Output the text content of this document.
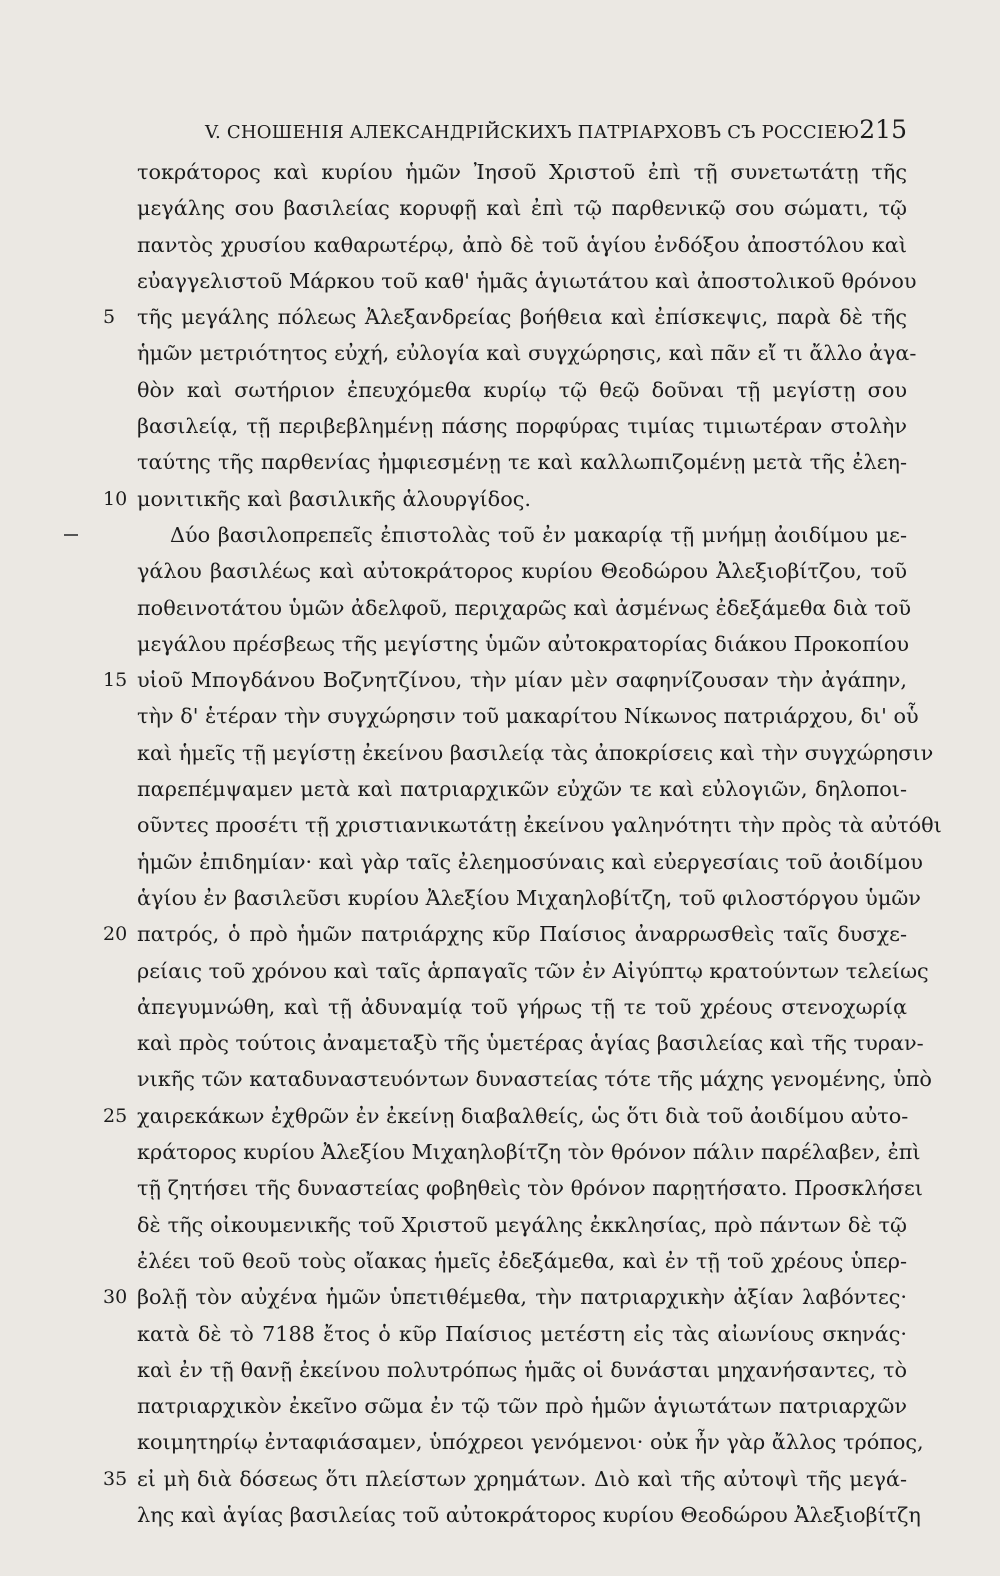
V. СНОШЕНІЯ АЛЕКСАНДРІЙСКИХЪ ПАТРІАРХОВЪ СЪ РОССІЕЮ.
215
τοκράτορος καὶ κυρίου ἡμῶν Ἰησοῦ Χριστοῦ ἐπὶ τῇ συνετωτάτῃ τῆς
μεγάλης σου βασιλείας κορυφῇ καὶ ἐπὶ τῷ παρθενικῷ σου σώματι, τῷ
παντὸς χρυσίου καθαρωτέρῳ, ἀπὸ δὲ τοῦ ἁγίου ἐνδόξου ἀποστόλου καὶ
εὐαγγελιστοῦ Μάρκου τοῦ καθ' ἡμᾶς ἁγιωτάτου καὶ ἀποστολικοῦ θρόνου
5 τῆς μεγάλης πόλεως Ἀλεξανδρείας βοήθεια καὶ ἐπίσκεψις, παρὰ δὲ τῆς
ἡμῶν μετριότητος εὐχή, εὐλογία καὶ συγχώρησις, καὶ πᾶν εἴ τι ἄλλο ἀγα-
θὸν καὶ σωτήριον ἐπευχόμεθα κυρίῳ τῷ θεῷ δοῦναι τῇ μεγίστῃ σου
βασιλείᾳ, τῇ περιβεβλημένῃ πάσης πορφύρας τιμίας τιμιωτέραν στολὴν
ταύτης τῆς παρθενίας ἠμφιεσμένῃ τε καὶ καλλωπιζομένῃ μετὰ τῆς ἐλεη-
10 μονιτικῆς καὶ βασιλικῆς ἁλουργίδος.
Δύο βασιλοπρεπεῖς ἐπιστολὰς τοῦ ἐν μακαρίᾳ τῇ μνήμῃ ἀοιδίμου με-
γάλου βασιλέως καὶ αὐτοκράτορος κυρίου Θεοδώρου Ἀλεξιοβίτζου, τοῦ
ποθεινοτάτου ὑμῶν ἀδελφοῦ, περιχαρῶς καὶ ἀσμένως ἐδεξάμεθα διὰ τοῦ
μεγάλου πρέσβεως τῆς μεγίστης ὑμῶν αὐτοκρατορίας διάκου Προκοπίου
15 υἱοῦ Μπογδάνου Βοζνητζίνου, τὴν μίαν μὲν σαφηνίζουσαν τὴν ἀγάπην,
τὴν δ' ἑτέραν τὴν συγχώρησιν τοῦ μακαρίτου Νίκωνος πατριάρχου, δι' οὗ
καὶ ἡμεῖς τῇ μεγίστῃ ἐκείνου βασιλείᾳ τὰς ἀποκρίσεις καὶ τὴν συγχώρησιν
παρεπέμψαμεν μετὰ καὶ πατριαρχικῶν εὐχῶν τε καὶ εὐλογιῶν, δηλοποι-
οῦντες προσέτι τῇ χριστιανικωτάτῃ ἐκείνου γαληνότητι τὴν πρὸς τὰ αὐτόθι
ἡμῶν ἐπιδημίαν· καὶ γὰρ ταῖς ἐλεημοσύναις καὶ εὐεργεσίαις τοῦ ἀοιδίμου
ἁγίου ἐν βασιλεῦσι κυρίου Ἀλεξίου Μιχαηλοβίτζη, τοῦ φιλοστόργου ὑμῶν
20 πατρός, ὁ πρὸ ἡμῶν πατριάρχης κῦρ Παίσιος ἀναρρωσθεὶς ταῖς δυσχε-
ρείαις τοῦ χρόνου καὶ ταῖς ἁρπαγαῖς τῶν ἐν Αἰγύπτῳ κρατούντων τελείως
ἀπεγυμνώθη, καὶ τῇ ἀδυναμίᾳ τοῦ γήρως τῇ τε τοῦ χρέους στενοχωρίᾳ
καὶ πρὸς τούτοις ἀναμεταξὺ τῆς ὑμετέρας ἁγίας βασιλείας καὶ τῆς τυραν-
νικῆς τῶν καταδυναστευόντων δυναστείας τότε τῆς μάχης γενομένης, ὑπὸ
25 χαιρεκάκων ἐχθρῶν ἐν ἐκείνῃ διαβαλθείς, ὡς ὅτι διὰ τοῦ ἀοιδίμου αὐτο-
κράτορος κυρίου Ἀλεξίου Μιχαηλοβίτζη τὸν θρόνον πάλιν παρέλαβεν, ἐπὶ
τῇ ζητήσει τῆς δυναστείας φοβηθεὶς τὸν θρόνον παρῃτήσατο. Προσκλήσει
δὲ τῆς οἰκουμενικῆς τοῦ Χριστοῦ μεγάλης ἐκκλησίας, πρὸ πάντων δὲ τῷ
ἐλέει τοῦ θεοῦ τοὺς οἴακας ἡμεῖς ἐδεξάμεθα, καὶ ἐν τῇ τοῦ χρέους ὑπερ-
30 βολῇ τὸν αὐχένα ἡμῶν ὑπετιθέμεθα, τὴν πατριαρχικὴν ἀξίαν λαβόντες·
κατὰ δὲ τὸ 7188 ἔτος ὁ κῦρ Παίσιος μετέστη εἰς τὰς αἰωνίους σκηνάς·
καὶ ἐν τῇ θανῇ ἐκείνου πολυτρόπως ἡμᾶς οἱ δυνάσται μηχανήσαντες, τὸ
πατριαρχικὸν ἐκεῖνο σῶμα ἐν τῷ τῶν πρὸ ἡμῶν ἁγιωτάτων πατριαρχῶν
κοιμητηρίῳ ἐνταφιάσαμεν, ὑπόχρεοι γενόμενοι· οὐκ ἦν γὰρ ἄλλος τρόπος,
35 εἰ μὴ διὰ δόσεως ὅτι πλείστων χρημάτων. Διὸ καὶ τῆς αὐτοψὶ τῆς μεγά-
λης καὶ ἁγίας βασιλείας τοῦ αὐτοκράτορος κυρίου Θεοδώρου Ἀλεξιοβίτζη
